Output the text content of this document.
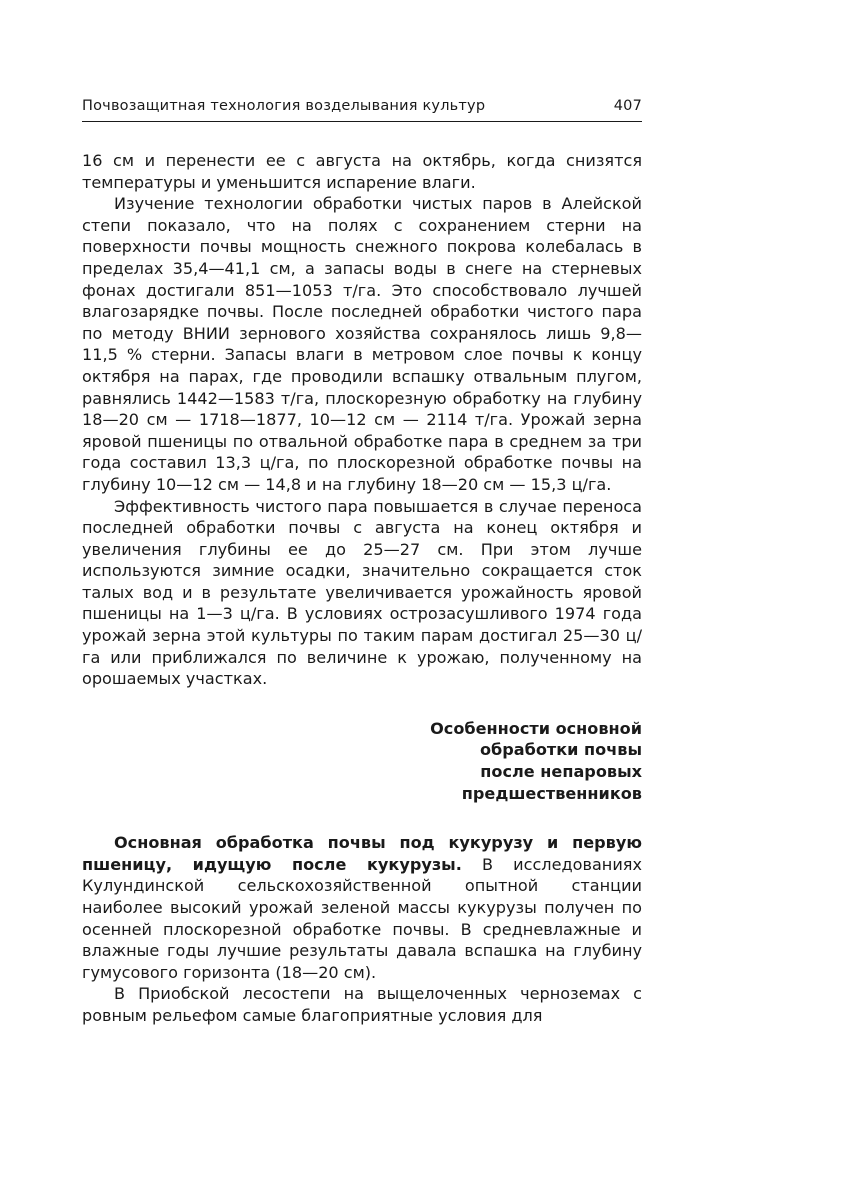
Почвозащитная технология возделывания культур	407

16 см и перенести ее с августа на октябрь, когда снизятся температуры и уменьшится испарение влаги.

Изучение технологии обработки чистых паров в Алейской степи показало, что на полях с сохранением стерни на поверхности почвы мощность снежного покрова колебалась в пределах 35,4—41,1 см, а запасы воды в снеге на стерневых фонах достигали 851—1053 т/га. Это способствовало лучшей влагозарядке почвы. После последней обработки чистого пара по методу ВНИИ зернового хозяйства сохранялось лишь 9,8—11,5 % стерни. Запасы влаги в метровом слое почвы к концу октября на парах, где проводили вспашку отвальным плугом, равнялись 1442—1583 т/га, плоскорезную обработку на глубину 18—20 см — 1718—1877, 10—12 см — 2114 т/га. Урожай зерна яровой пшеницы по отвальной обработке пара в среднем за три года составил 13,3 ц/га, по плоскорезной обработке почвы на глубину 10—12 см — 14,8 и на глубину 18—20 см — 15,3 ц/га.

Эффективность чистого пара повышается в случае переноса последней обработки почвы с августа на конец октября и увеличения глубины ее до 25—27 см. При этом лучше используются зимние осадки, значительно сокращается сток талых вод и в результате увеличивается урожайность яровой пшеницы на 1—3 ц/га. В условиях острозасушливого 1974 года урожай зерна этой культуры по таким парам достигал 25—30 ц/га или приближался по величине к урожаю, полученному на орошаемых участках.

Особенности основной
обработки почвы
после непаровых
предшественников

Основная обработка почвы под кукурузу и первую пшеницу, идущую после кукурузы. В исследованиях Кулундинской сельскохозяйственной опытной станции наиболее высокий урожай зеленой массы кукурузы получен по осенней плоскорезной обработке почвы. В средневлажные и влажные годы лучшие результаты давала вспашка на глубину гумусового горизонта (18—20 см).

В Приобской лесостепи на выщелоченных черноземах с ровным рельефом самые благоприятные условия для
